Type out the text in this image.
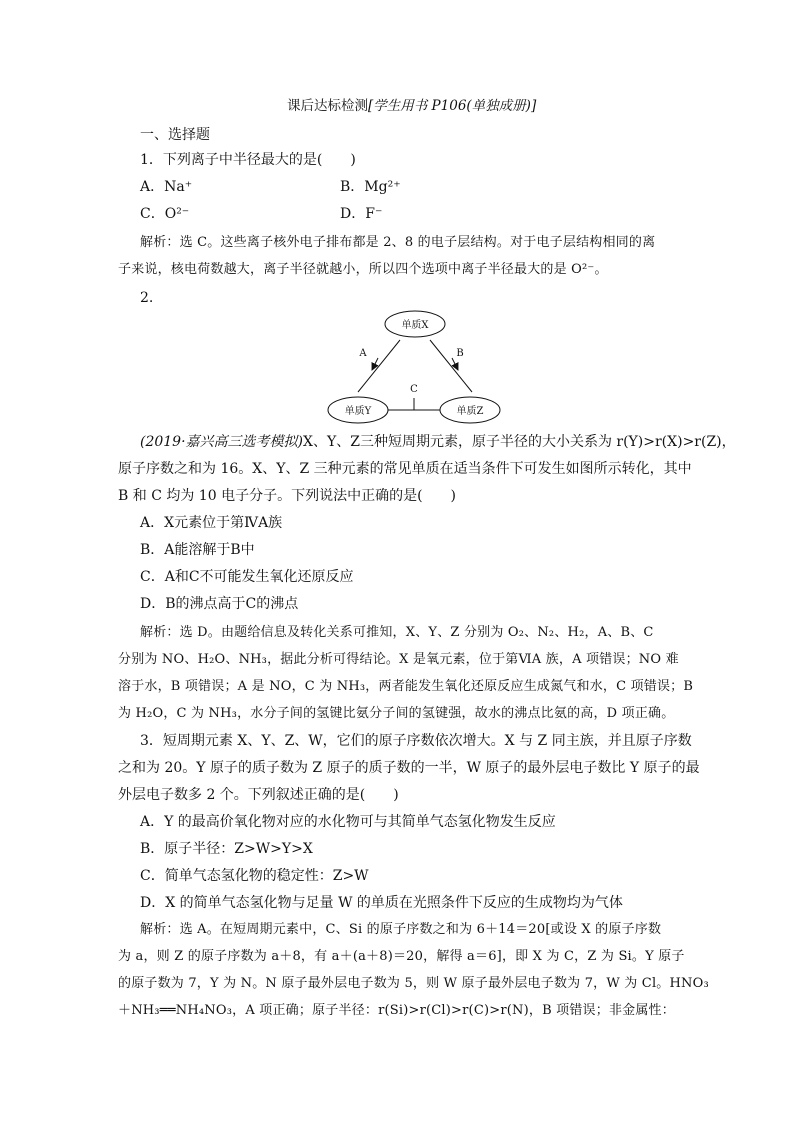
课后达标检测[学生用书 P106(单独成册)]
一、选择题
1．下列离子中半径最大的是(　　)
A．Na⁺	B．Mg²⁺
C．O²⁻	D．F⁻
解析：选 C。这些离子核外电子排布都是 2、8 的电子层结构。对于电子层结构相同的离
子来说，核电荷数越大，离子半径就越小，所以四个选项中离子半径最大的是 O²⁻。
2.
单质X
单质Y	单质Z
A	B
C
(2019·嘉兴高三选考模拟)X、Y、Z三种短周期元素，原子半径的大小关系为 r(Y)>r(X)>r(Z)，
原子序数之和为 16。X、Y、Z 三种元素的常见单质在适当条件下可发生如图所示转化，其中
B 和 C 均为 10 电子分子。下列说法中正确的是(　　)
A．X元素位于第ⅣA族
B．A能溶解于B中
C．A和C不可能发生氧化还原反应
D．B的沸点高于C的沸点
解析：选 D。由题给信息及转化关系可推知，X、Y、Z 分别为 O₂、N₂、H₂，A、B、C
分别为 NO、H₂O、NH₃，据此分析可得结论。X 是氧元素，位于第ⅥA 族，A 项错误；NO 难
溶于水，B 项错误；A 是 NO，C 为 NH₃，两者能发生氧化还原反应生成氮气和水，C 项错误；B
为 H₂O，C 为 NH₃，水分子间的氢键比氨分子间的氢键强，故水的沸点比氨的高，D 项正确。
3．短周期元素 X、Y、Z、W，它们的原子序数依次增大。X 与 Z 同主族，并且原子序数
之和为 20。Y 原子的质子数为 Z 原子的质子数的一半，W 原子的最外层电子数比 Y 原子的最
外层电子数多 2 个。下列叙述正确的是(　　)
A．Y 的最高价氧化物对应的水化物可与其简单气态氢化物发生反应
B．原子半径：Z>W>Y>X
C．简单气态氢化物的稳定性：Z>W
D．X 的简单气态氢化物与足量 W 的单质在光照条件下反应的生成物均为气体
解析：选 A。在短周期元素中，C、Si 的原子序数之和为 6＋14＝20[或设 X 的原子序数
为 a，则 Z 的原子序数为 a＋8，有 a＋(a＋8)＝20，解得 a＝6]，即 X 为 C，Z 为 Si。Y 原子
的原子数为 7，Y 为 N。N 原子最外层电子数为 5，则 W 原子最外层电子数为 7，W 为 Cl。HNO₃
＋NH₃══NH₄NO₃，A 项正确；原子半径：r(Si)>r(Cl)>r(C)>r(N)，B 项错误；非金属性：
